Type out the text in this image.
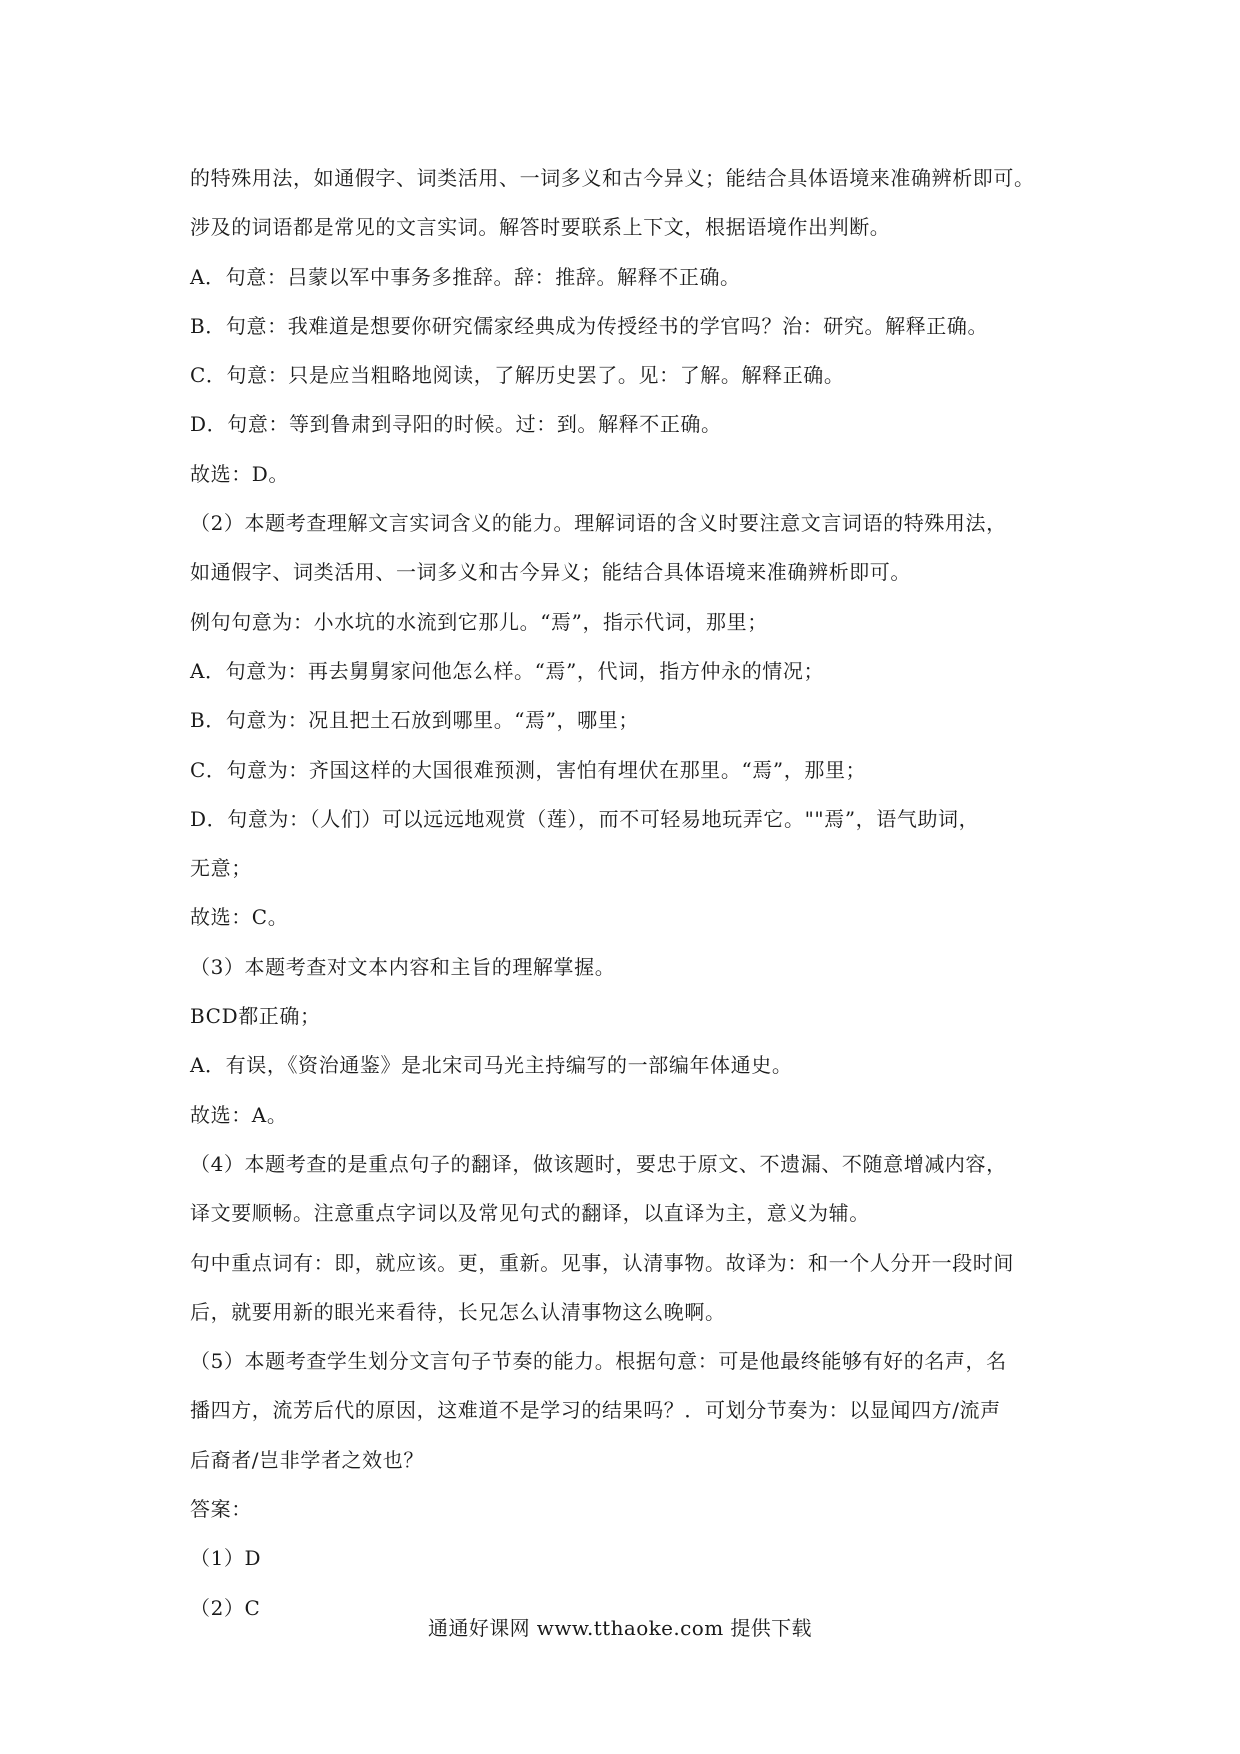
的特殊用法，如通假字、词类活用、一词多义和古今异义；能结合具体语境来准确辨析即可。
涉及的词语都是常见的文言实词。解答时要联系上下文，根据语境作出判断。
A．句意：吕蒙以军中事务多推辞。辞：推辞。解释不正确。
B．句意：我难道是想要你研究儒家经典成为传授经书的学官吗？治：研究。解释正确。
C．句意：只是应当粗略地阅读，了解历史罢了。见：了解。解释正确。
D．句意：等到鲁肃到寻阳的时候。过：到。解释不正确。
故选：D。
（2）本题考查理解文言实词含义的能力。理解词语的含义时要注意文言词语的特殊用法，
如通假字、词类活用、一词多义和古今异义；能结合具体语境来准确辨析即可。
例句句意为：小水坑的水流到它那儿。“焉”，指示代词，那里；
A．句意为：再去舅舅家问他怎么样。“焉”，代词，指方仲永的情况；
B．句意为：况且把土石放到哪里。“焉”，哪里；
C．句意为：齐国这样的大国很难预测，害怕有埋伏在那里。“焉”，那里；
D．句意为：（人们）可以远远地观赏（莲），而不可轻易地玩弄它。""焉”，语气助词，
无意；
故选：C。
（3）本题考查对文本内容和主旨的理解掌握。
BCD都正确；
A．有误，《资治通鉴》是北宋司马光主持编写的一部编年体通史。
故选：A。
（4）本题考查的是重点句子的翻译，做该题时，要忠于原文、不遗漏、不随意增减内容，
译文要顺畅。注意重点字词以及常见句式的翻译，以直译为主，意义为辅。
句中重点词有：即，就应该。更，重新。见事，认清事物。故译为：和一个人分开一段时间
后，就要用新的眼光来看待，长兄怎么认清事物这么晚啊。
（5）本题考查学生划分文言句子节奏的能力。根据句意：可是他最终能够有好的名声，名
播四方，流芳后代的原因，这难道不是学习的结果吗？．可划分节奏为：以显闻四方/流声
后裔者/岂非学者之效也？
答案：
（1）D
（2）C
通通好课网 www.tthaoke.com 提供下载
